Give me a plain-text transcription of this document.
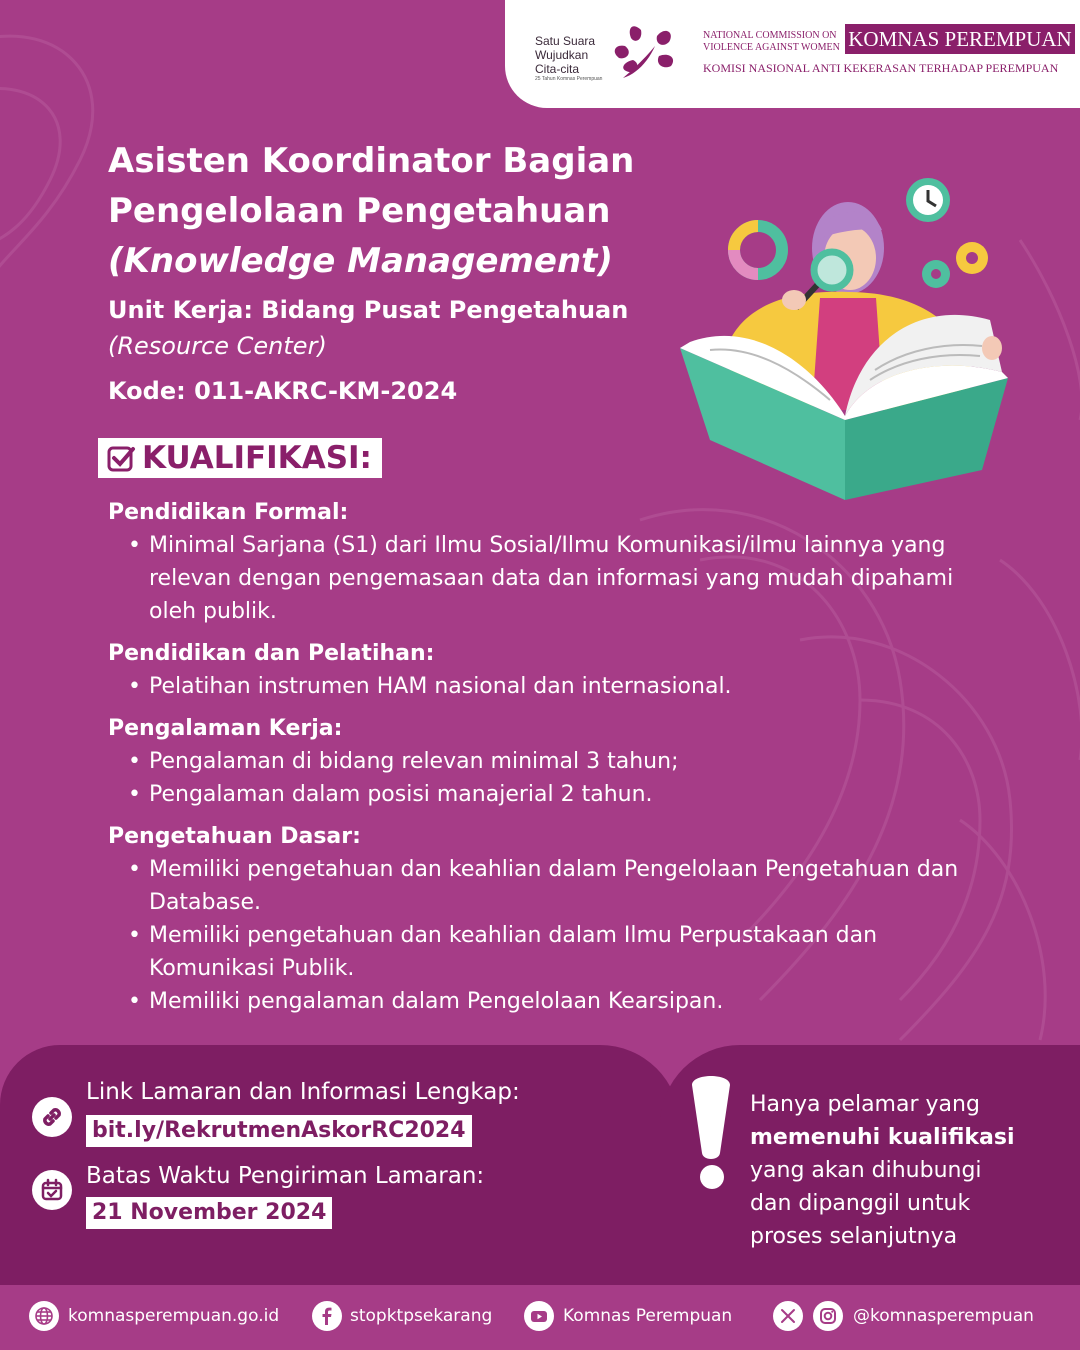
Satu Suara
Wujudkan
Cita-cita
25 Tahun Komnas Perempuan
NATIONAL COMMISSION ON
VIOLENCE AGAINST WOMEN KOMNAS PEREMPUAN
KOMISI NASIONAL ANTI KEKERASAN TERHADAP PEREMPUAN
Asisten Koordinator Bagian
Pengelolaan Pengetahuan
(Knowledge Management)
Unit Kerja: Bidang Pusat Pengetahuan
(Resource Center)
Kode: 011-AKRC-KM-2024
KUALIFIKASI:
Pendidikan Formal:
• Minimal Sarjana (S1) dari Ilmu Sosial/Ilmu Komunikasi/ilmu lainnya yang relevan dengan pengemasaan data dan informasi yang mudah dipahami oleh publik.
Pendidikan dan Pelatihan:
• Pelatihan instrumen HAM nasional dan internasional.
Pengalaman Kerja:
• Pengalaman di bidang relevan minimal 3 tahun;
• Pengalaman dalam posisi manajerial 2 tahun.
Pengetahuan Dasar:
• Memiliki pengetahuan dan keahlian dalam Pengelolaan Pengetahuan dan Database.
• Memiliki pengetahuan dan keahlian dalam Ilmu Perpustakaan dan Komunikasi Publik.
• Memiliki pengalaman dalam Pengelolaan Kearsipan.
Link Lamaran dan Informasi Lengkap:
bit.ly/RekrutmenAskorRC2024
Batas Waktu Pengiriman Lamaran:
21 November 2024
Hanya pelamar yang
memenuhi kualifikasi
yang akan dihubungi
dan dipanggil untuk
proses selanjutnya
komnasperempuan.go.id	stopktpsekarang	Komnas Perempuan	@komnasperempuan
